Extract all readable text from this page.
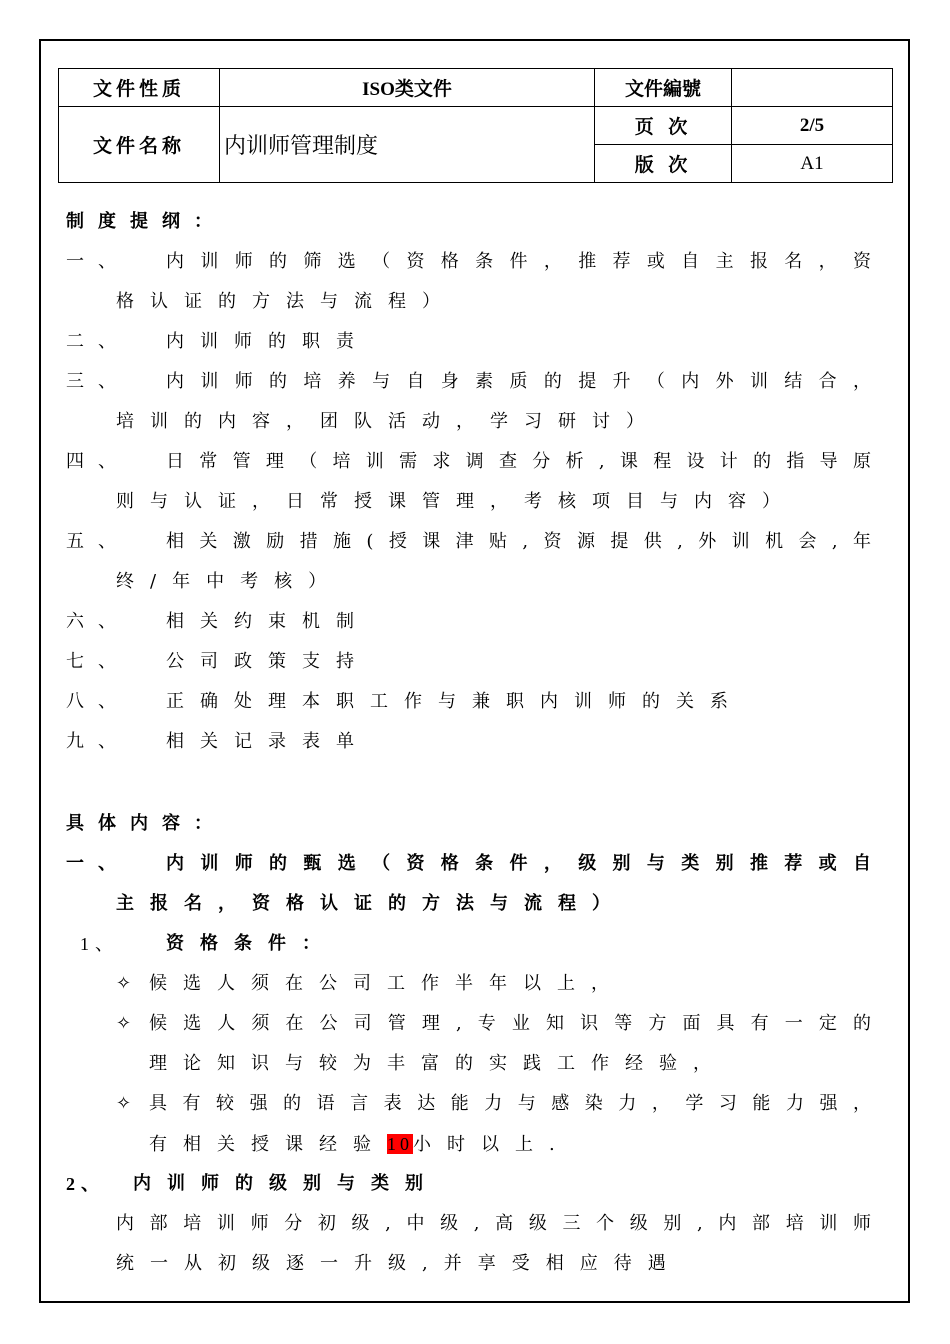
文件性质	ISO类文件	文件編號	
文件名称	内训师管理制度	页 次	2/5
		版 次	A1
制度提纲：
一、 内训师的筛选（资格条件，推荐或自主报名，资
格认证的方法与流程）
二、 内训师的职责
三、 内训师的培养与自身素质的提升（内外训结合，
培训的内容，团队活动，学习研讨）
四、 日常管理（培训需求调查分析,课程设计的指导原
则与认证，日常授课管理，考核项目与内容）
五、 相关激励措施(授课津贴,资源提供,外训机会,年
终/年中考核）
六、 相关约束机制
七、 公司政策支持
八、 正确处理本职工作与兼职内训师的关系
九、 相关记录表单
具体内容：
一、 内训师的甄选（资格条件，级别与类别推荐或自
主报名，资格认证的方法与流程）
1、	资格条件：
✧ 候选人须在公司工作半年以上，
✧ 候选人须在公司管理,专业知识等方面具有一定的
理论知识与较为丰富的实践工作经验，
✧ 具有较强的语言表达能力与感染力，学习能力强，
有相关授课经验10小时以上.
2、 内训师的级别与类别
内部培训师分初级,中级,高级三个级别,内部培训师
统一从初级逐一升级,并享受相应待遇
